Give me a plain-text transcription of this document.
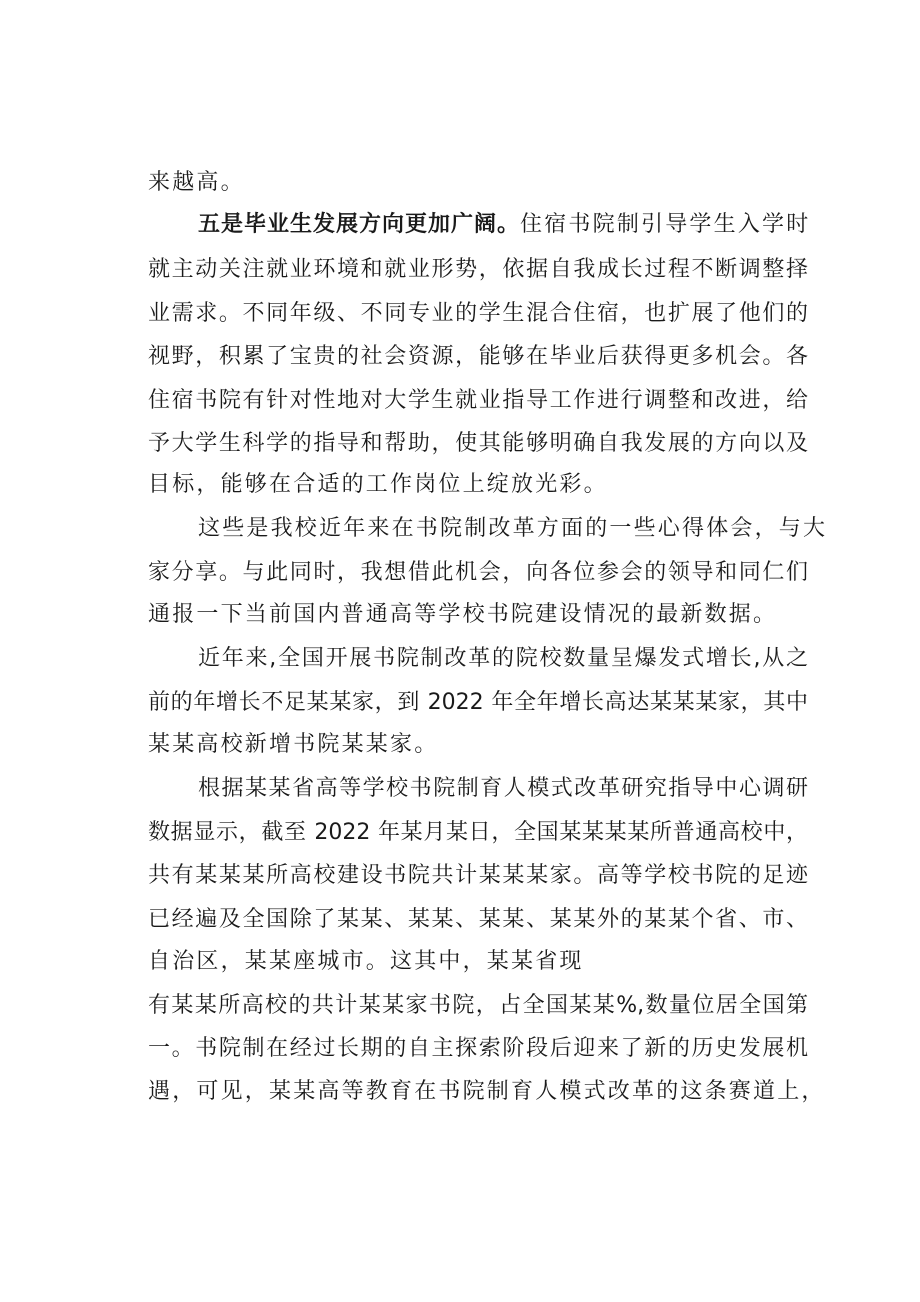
来越高。
五是毕业生发展方向更加广阔。住宿书院制引导学生入学时
就主动关注就业环境和就业形势，依据自我成长过程不断调整择
业需求。不同年级、不同专业的学生混合住宿，也扩展了他们的
视野，积累了宝贵的社会资源，能够在毕业后获得更多机会。各
住宿书院有针对性地对大学生就业指导工作进行调整和改进，给
予大学生科学的指导和帮助，使其能够明确自我发展的方向以及
目标，能够在合适的工作岗位上绽放光彩。
这些是我校近年来在书院制改革方面的一些心得体会，与大
家分享。与此同时，我想借此机会，向各位参会的领导和同仁们
通报一下当前国内普通高等学校书院建设情况的最新数据。
近年来,全国开展书院制改革的院校数量呈爆发式增长,从之
前的年增长不足某某家，到 2022 年全年增长高达某某某家，其中
某某高校新增书院某某家。
根据某某省高等学校书院制育人模式改革研究指导中心调研
数据显示，截至 2022 年某月某日，全国某某某某所普通高校中，
共有某某某所高校建设书院共计某某某家。高等学校书院的足迹
已经遍及全国除了某某、某某、某某、某某外的某某个省、市、
自治区，某某座城市。这其中，某某省现
有某某所高校的共计某某家书院，占全国某某%,数量位居全国第
一。书院制在经过长期的自主探索阶段后迎来了新的历史发展机
遇，可见，某某高等教育在书院制育人模式改革的这条赛道上，
